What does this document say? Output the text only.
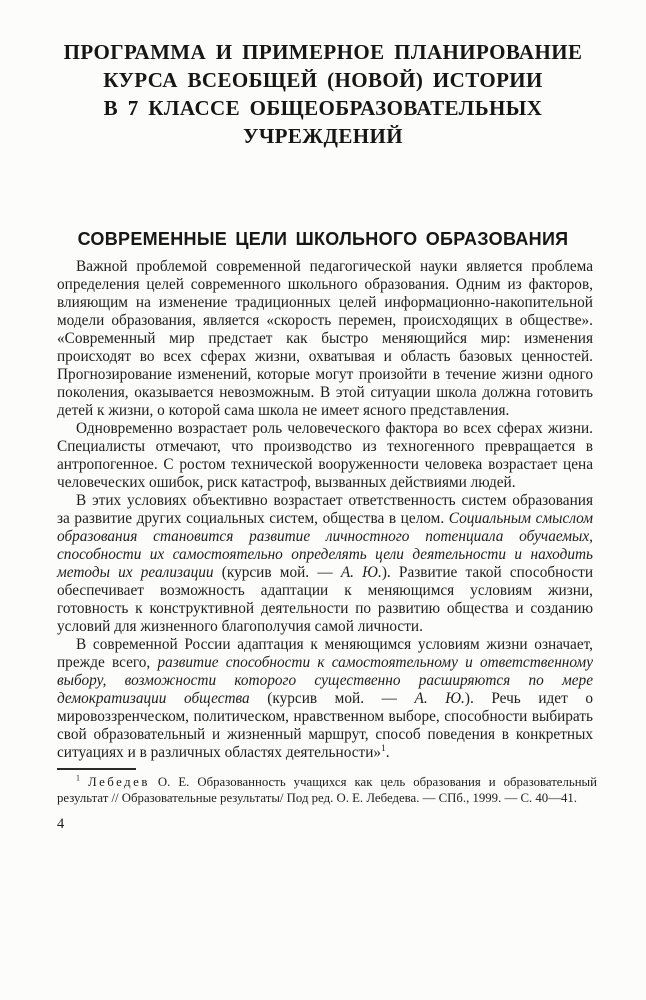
ПРОГРАММА И ПРИМЕРНОЕ ПЛАНИРОВАНИЕ
КУРСА ВСЕОБЩЕЙ (НОВОЙ) ИСТОРИИ
В 7 КЛАССЕ ОБЩЕОБРАЗОВАТЕЛЬНЫХ
УЧРЕЖДЕНИЙ
СОВРЕМЕННЫЕ ЦЕЛИ ШКОЛЬНОГО ОБРАЗОВАНИЯ

Важной проблемой современной педагогической науки является проблема определения целей современного школьного образования. Одним из факторов, влияющим на изменение традиционных целей информационно-накопительной модели образования, является «скорость перемен, происходящих в обществе». «Современный мир предстает как быстро меняющийся мир: изменения происходят во всех сферах жизни, охватывая и область базовых ценностей. Прогнозирование изменений, которые могут произойти в течение жизни одного поколения, оказывается невозможным. В этой ситуации школа должна готовить детей к жизни, о которой сама школа не имеет ясного представления.

Одновременно возрастает роль человеческого фактора во всех сферах жизни. Специалисты отмечают, что производство из техногенного превращается в антропогенное. С ростом технической вооруженности человека возрастает цена человеческих ошибок, риск катастроф, вызванных действиями людей.

В этих условиях объективно возрастает ответственность систем образования за развитие других социальных систем, общества в целом. Социальным смыслом образования становится развитие личностного потенциала обучаемых, способности их самостоятельно определять цели деятельности и находить методы их реализации (курсив мой. — А. Ю.). Развитие такой способности обеспечивает возможность адаптации к меняющимся условиям жизни, готовность к конструктивной деятельности по развитию общества и созданию условий для жизненного благополучия самой личности.

В современной России адаптация к меняющимся условиям жизни означает, прежде всего, развитие способности к самостоятельному и ответственному выбору, возможности которого существенно расширяются по мере демократизации общества (курсив мой. — А. Ю.). Речь идет о мировоззренческом, политическом, нравственном выборе, способности выбирать свой образовательный и жизненный маршрут, способ поведения в конкретных ситуациях и в различных областях деятельности»$^1$.

$^1$ Лебедев О. Е. Образованность учащихся как цель образования и образовательный результат // Образовательные результаты/ Под ред. О. Е. Лебедева. — СПб., 1999. — С. 40—41.

4
